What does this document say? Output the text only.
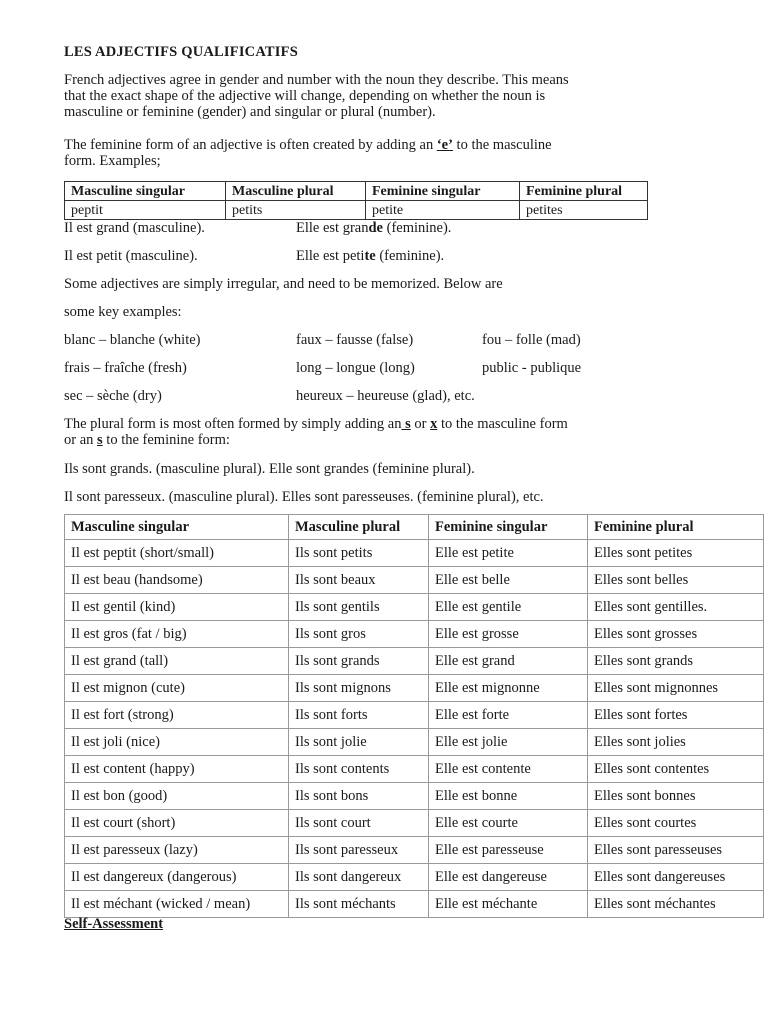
LES ADJECTIFS QUALIFICATIFS

French adjectives agree in gender and number with the noun they describe. This means
that the exact shape of the adjective will change, depending on whether the noun is
masculine or feminine (gender) and singular or plural (number).

The feminine form of an adjective is often created by adding an ‘e’ to the masculine
form. Examples;

Masculine singular	Masculine plural	Feminine singular	Feminine plural
peptit	petits	petite	petites
Il est grand (masculine).	Elle est grande (feminine).
Il est petit (masculine).	Elle est petite (feminine).
Some adjectives are simply irregular, and need to be memorized. Below are
some key examples:
blanc – blanche (white)	faux – fausse (false)	fou – folle (mad)
frais – fraîche (fresh)	long – longue (long)	public - publique
sec – sèche (dry)	heureux – heureuse (glad), etc.

The plural form is most often formed by simply adding an s or x to the masculine form
or an s to the feminine form:

Ils sont grands. (masculine plural). Elle sont grandes (feminine plural).
Il sont paresseux. (masculine plural). Elles sont paresseuses. (feminine plural), etc.
Masculine singular	Masculine plural	Feminine singular	Feminine plural
Il est peptit (short/small)	Ils sont petits	Elle est petite	Elles sont petites
Il est beau (handsome)	Ils sont beaux	Elle est belle	Elles sont belles
Il est gentil (kind)	Ils sont gentils	Elle est gentile	Elles sont gentilles.
Il est gros (fat / big)	Ils sont gros	Elle est grosse	Elles sont grosses
Il est grand (tall)	Ils sont grands	Elle est grand	Elles sont grands
Il est mignon (cute)	Ils sont mignons	Elle est mignonne	Elles sont mignonnes
Il est fort (strong)	Ils sont forts	Elle est forte	Elles sont fortes
Il est joli (nice)	Ils sont jolie	Elle est jolie	Elles sont jolies
Il est content (happy)	Ils sont contents	Elle est contente	Elles sont contentes
Il est bon (good)	Ils sont bons	Elle est bonne	Elles sont bonnes
Il est court (short)	Ils sont court	Elle est courte	Elles sont courtes
Il est paresseux (lazy)	Ils sont paresseux	Elle est paresseuse	Elles sont paresseuses
Il est dangereux (dangerous)	Ils sont dangereux	Elle est dangereuse	Elles sont dangereuses
Il est méchant (wicked / mean)	Ils sont méchants	Elle est méchante	Elles sont méchantes
Self-Assessment
